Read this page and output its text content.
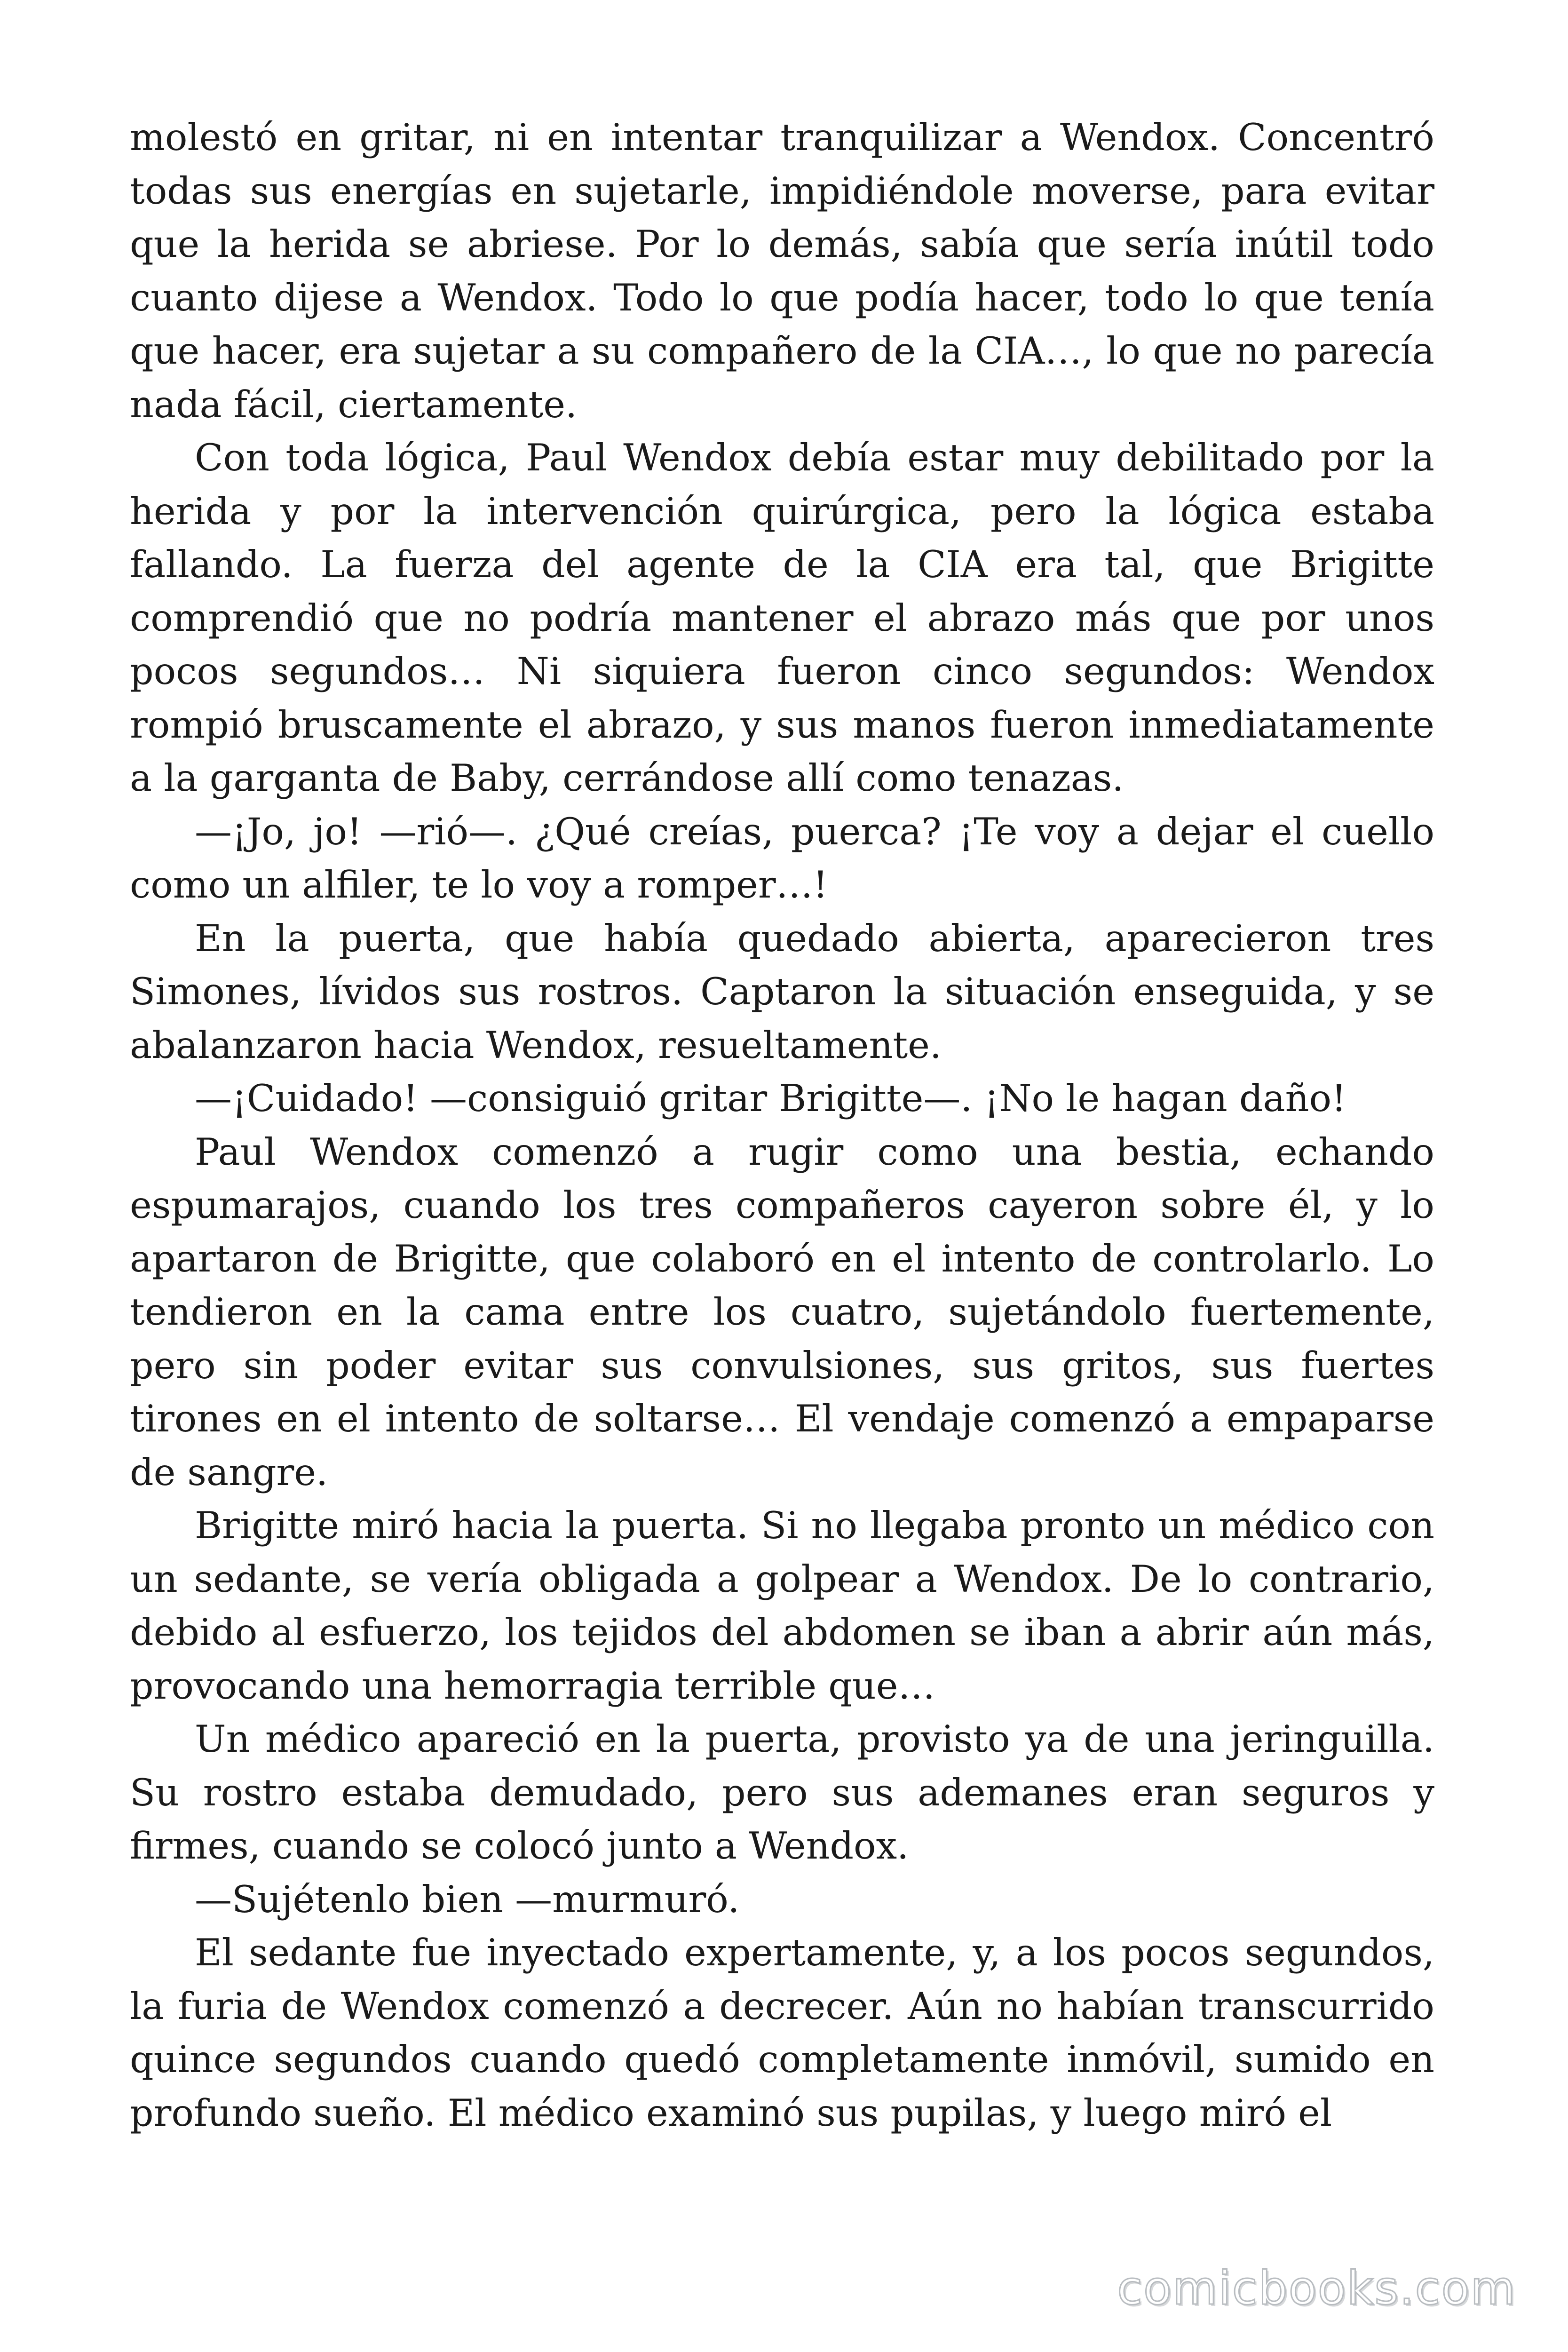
molestó en gritar, ni en intentar tranquilizar a Wendox. Concentró todas sus energías en sujetarle, impidiéndole moverse, para evitar que la herida se abriese. Por lo demás, sabía que sería inútil todo cuanto dijese a Wendox. Todo lo que podía hacer, todo lo que tenía que hacer, era sujetar a su compañero de la CIA…, lo que no parecía nada fácil, ciertamente.

Con toda lógica, Paul Wendox debía estar muy debilitado por la herida y por la intervención quirúrgica, pero la lógica estaba fallando. La fuerza del agente de la CIA era tal, que Brigitte comprendió que no podría mantener el abrazo más que por unos pocos segundos… Ni siquiera fueron cinco segundos: Wendox rompió bruscamente el abrazo, y sus manos fueron inmediatamente a la garganta de Baby, cerrándose allí como tenazas.

—¡Jo, jo! —rió—. ¿Qué creías, puerca? ¡Te voy a dejar el cuello como un alfiler, te lo voy a romper…!

En la puerta, que había quedado abierta, aparecieron tres Simones, lívidos sus rostros. Captaron la situación enseguida, y se abalanzaron hacia Wendox, resueltamente.

—¡Cuidado! —consiguió gritar Brigitte—. ¡No le hagan daño!

Paul Wendox comenzó a rugir como una bestia, echando espumarajos, cuando los tres compañeros cayeron sobre él, y lo apartaron de Brigitte, que colaboró en el intento de controlarlo. Lo tendieron en la cama entre los cuatro, sujetándolo fuertemente, pero sin poder evitar sus convulsiones, sus gritos, sus fuertes tirones en el intento de soltarse… El vendaje comenzó a empaparse de sangre.

Brigitte miró hacia la puerta. Si no llegaba pronto un médico con un sedante, se vería obligada a golpear a Wendox. De lo contrario, debido al esfuerzo, los tejidos del abdomen se iban a abrir aún más, provocando una hemorragia terrible que…

Un médico apareció en la puerta, provisto ya de una jeringuilla. Su rostro estaba demudado, pero sus ademanes eran seguros y firmes, cuando se colocó junto a Wendox.

—Sujétenlo bien —murmuró.

El sedante fue inyectado expertamente, y, a los pocos segundos, la furia de Wendox comenzó a decrecer. Aún no habían transcurrido quince segundos cuando quedó completamente inmóvil, sumido en profundo sueño. El médico examinó sus pupilas, y luego miró el

comicbooks.com
